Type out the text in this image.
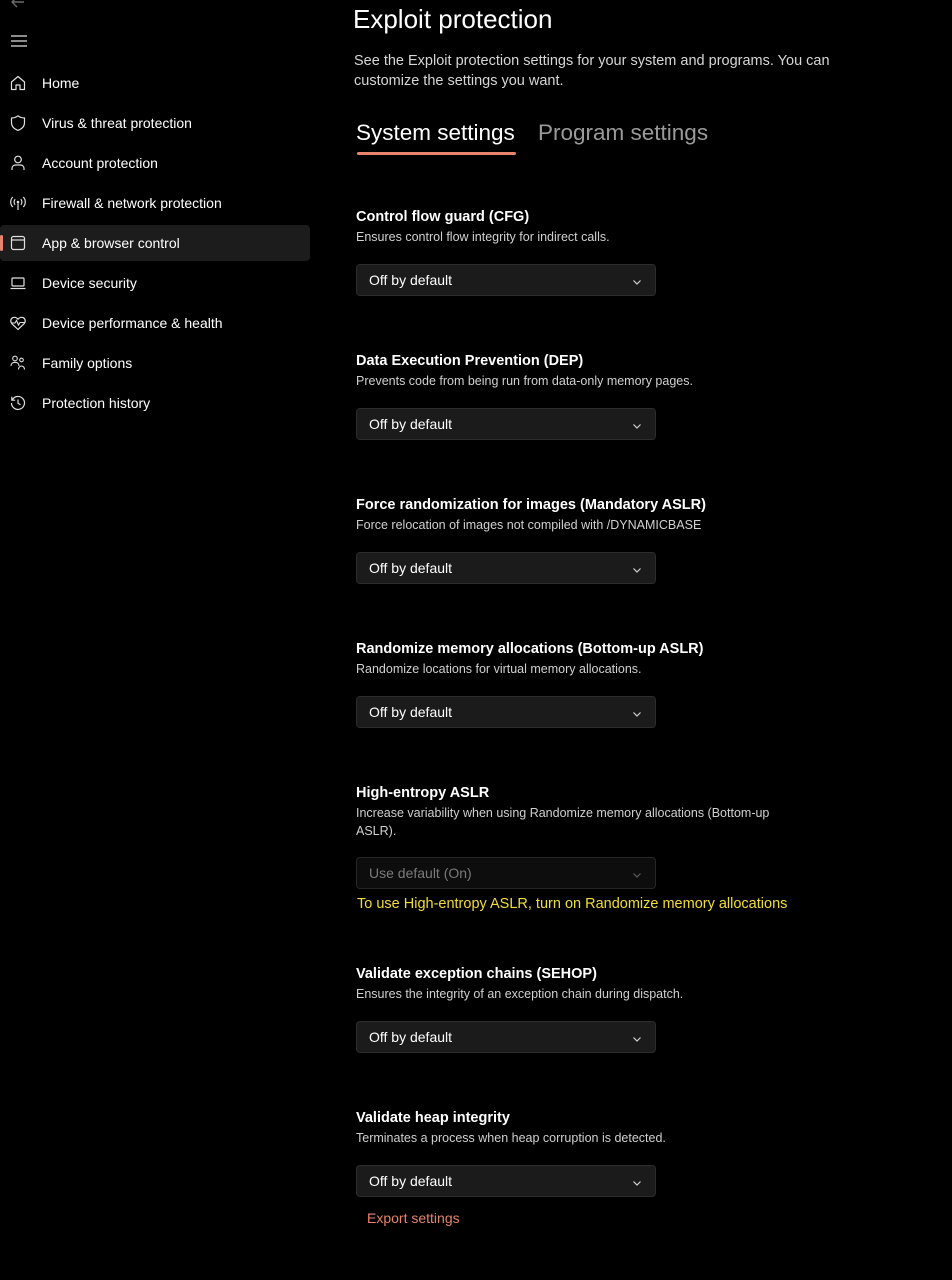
Home
Virus & threat protection
Account protection
Firewall & network protection
App & browser control
Device security
Device performance & health
Family options
Protection history
Exploit protection
See the Exploit protection settings for your system and programs. You can customize the settings you want.
System settings Program settings
Control flow guard (CFG)
Ensures control flow integrity for indirect calls.
Off by default
Data Execution Prevention (DEP)
Prevents code from being run from data-only memory pages.
Off by default
Force randomization for images (Mandatory ASLR)
Force relocation of images not compiled with /DYNAMICBASE
Off by default
Randomize memory allocations (Bottom-up ASLR)
Randomize locations for virtual memory allocations.
Off by default
High-entropy ASLR
Increase variability when using Randomize memory allocations (Bottom-up ASLR).
Use default (On)
To use High-entropy ASLR, turn on Randomize memory allocations
Validate exception chains (SEHOP)
Ensures the integrity of an exception chain during dispatch.
Off by default
Validate heap integrity
Terminates a process when heap corruption is detected.
Off by default
Export settings
